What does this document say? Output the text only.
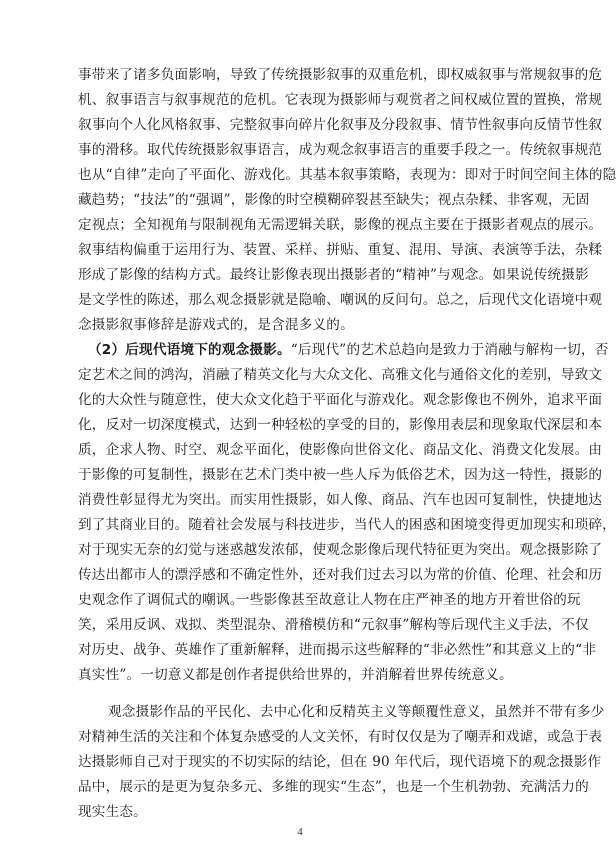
事带来了诸多负面影响，导致了传统摄影叙事的双重危机，即权威叙事与常规叙事的危
机、叙事语言与叙事规范的危机。它表现为摄影师与观赏者之间权威位置的置换，常规
叙事向个人化风格叙事、完整叙事向碎片化叙事及分段叙事、情节性叙事向反情节性叙
事的滑移。取代传统摄影叙事语言，成为观念叙事语言的重要手段之一。传统叙事规范
也从“自律”走向了平面化、游戏化。其基本叙事策略，表现为：即对于时间空间主体的隐
藏趋势；“技法”的“强调”，影像的时空模糊碎裂甚至缺失；视点杂糅、非客观，无固
定视点；全知视角与限制视角无需逻辑关联，影像的视点主要在于摄影者观点的展示。
叙事结构偏重于运用行为、装置、采样、拼贴、重复、混用、导演、表演等手法，杂糅
形成了影像的结构方式。最终让影像表现出摄影者的“精神”与观念。如果说传统摄影
是文学性的陈述，那么观念摄影就是隐喻、嘲讽的反问句。总之，后现代文化语境中观
念摄影叙事修辞是游戏式的，是含混多义的。
（2）后现代语境下的观念摄影。“后现代”的艺术总趋向是致力于消融与解构一切，否
定艺术之间的鸿沟，消融了精英文化与大众文化、高雅文化与通俗文化的差别，导致文
化的大众性与随意性，使大众文化趋于平面化与游戏化。观念影像也不例外，追求平面
化，反对一切深度模式，达到一种轻松的享受的目的，影像用表层和现象取代深层和本
质，企求人物、时空、观念平面化，使影像向世俗文化、商品文化、消费文化发展。由
于影像的可复制性，摄影在艺术门类中被一些人斥为低俗艺术，因为这一特性，摄影的
消费性彰显得尤为突出。而实用性摄影，如人像、商品、汽车也因可复制性，快捷地达
到了其商业目的。随着社会发展与科技进步，当代人的困惑和困境变得更加现实和琐碎，
对于现实无奈的幻觉与迷惑越发浓郁，使观念影像后现代特征更为突出。观念摄影除了
传达出都市人的漂浮感和不确定性外，还对我们过去习以为常的价值、伦理、社会和历
史观念作了调侃式的嘲讽。
一些影像甚至故意让人物在庄严神圣的地方开着世俗的玩
笑，采用反讽、戏拟、类型混杂、滑稽模仿和“元叙事”解构等后现代主义手法，不仅
对历史、战争、英雄作了重新解释，进而揭示这些解释的“非必然性”和其意义上的“非
真实性”。一切意义都是创作者提供给世界的，并消解着世界传统意义。
观念摄影作品的平民化、去中心化和反精英主义等颠覆性意义，虽然并不带有多少
对精神生活的关注和个体复杂感受的人文关怀，有时仅仅是为了嘲弄和戏谑，或急于表
达摄影师自己对于现实的不切实际的结论，但在 90 年代后，现代语境下的观念摄影作
品中，展示的是更为复杂多元、多维的现实“生态”，也是一个生机勃勃、充满活力的
现实生态。
4
